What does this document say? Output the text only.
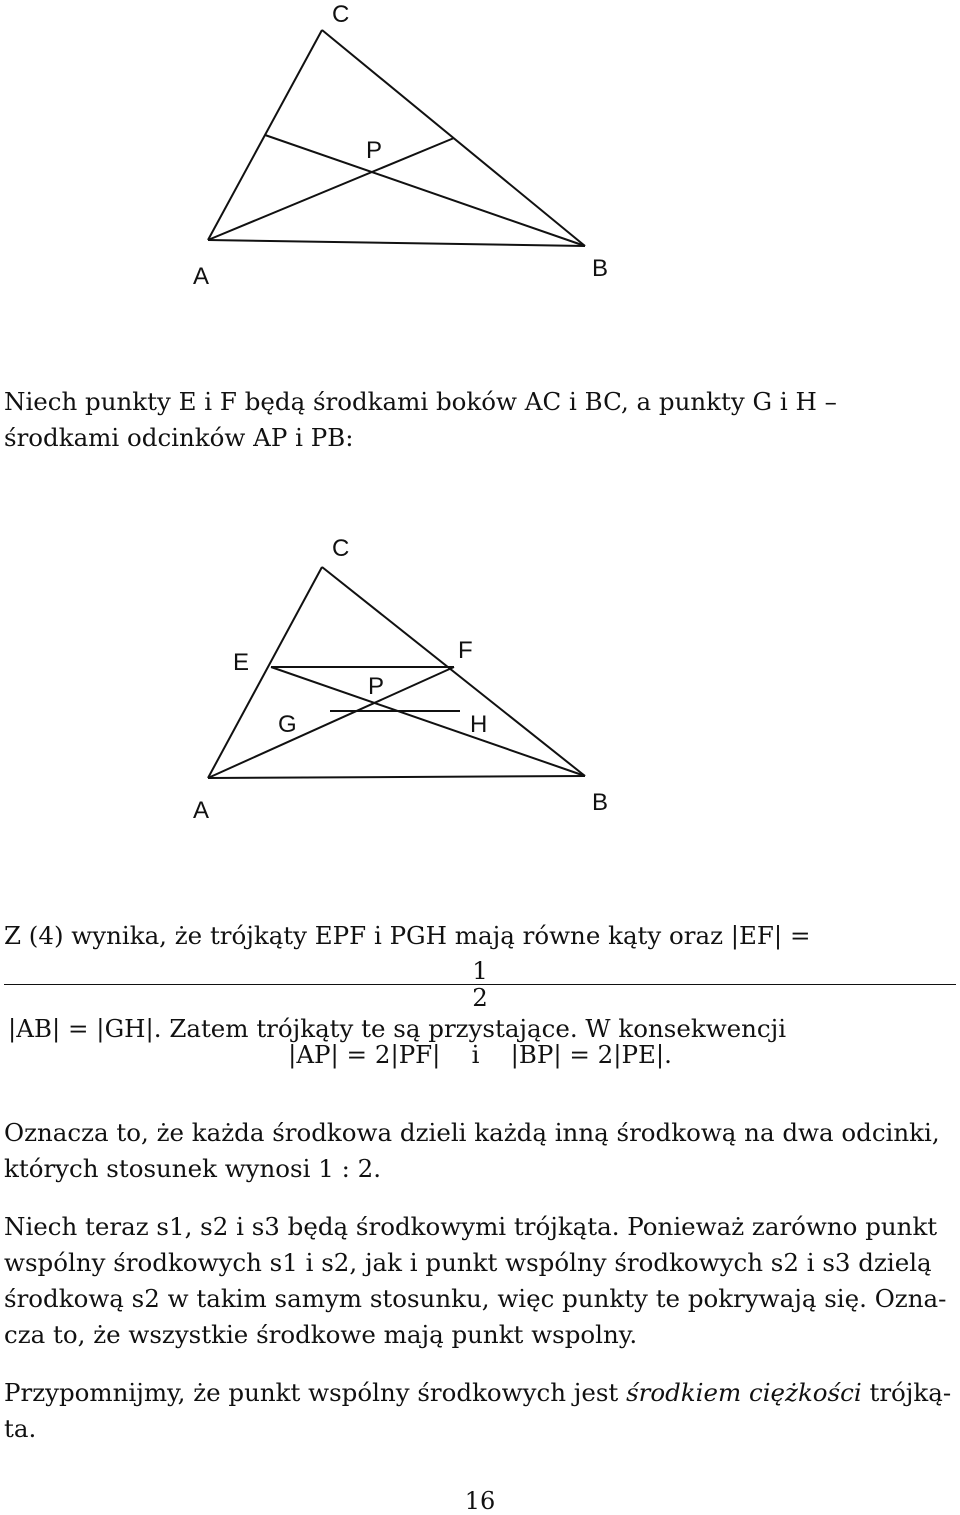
C
P
A	B
Niech punkty E i F będą środkami boków AC i BC, a punkty G i H –
środkami odcinków AP i PB:
C
E	F
P
G	H
A	B
Z (4) wynika, że trójkąty EPF i PGH mają równe kąty oraz |EF| =
1
2
|AB| = |GH|. Zatem trójkąty te są przystające. W konsekwencji
|AP| = 2|PF|    i    |BP| = 2|PE|.
Oznacza to, że każda środkowa dzieli każdą inną środkową na dwa odcinki,
których stosunek wynosi 1 : 2.
Niech teraz s1, s2 i s3 będą środkowymi trójkąta. Ponieważ zarówno punkt
wspólny środkowych s1 i s2, jak i punkt wspólny środkowych s2 i s3 dzielą
środkową s2 w takim samym stosunku, więc punkty te pokrywają się. Ozna-
cza to, że wszystkie środkowe mają punkt wspolny.
Przypomnijmy, że punkt wspólny środkowych jest środkiem ciężkości trójką-
ta.
16
